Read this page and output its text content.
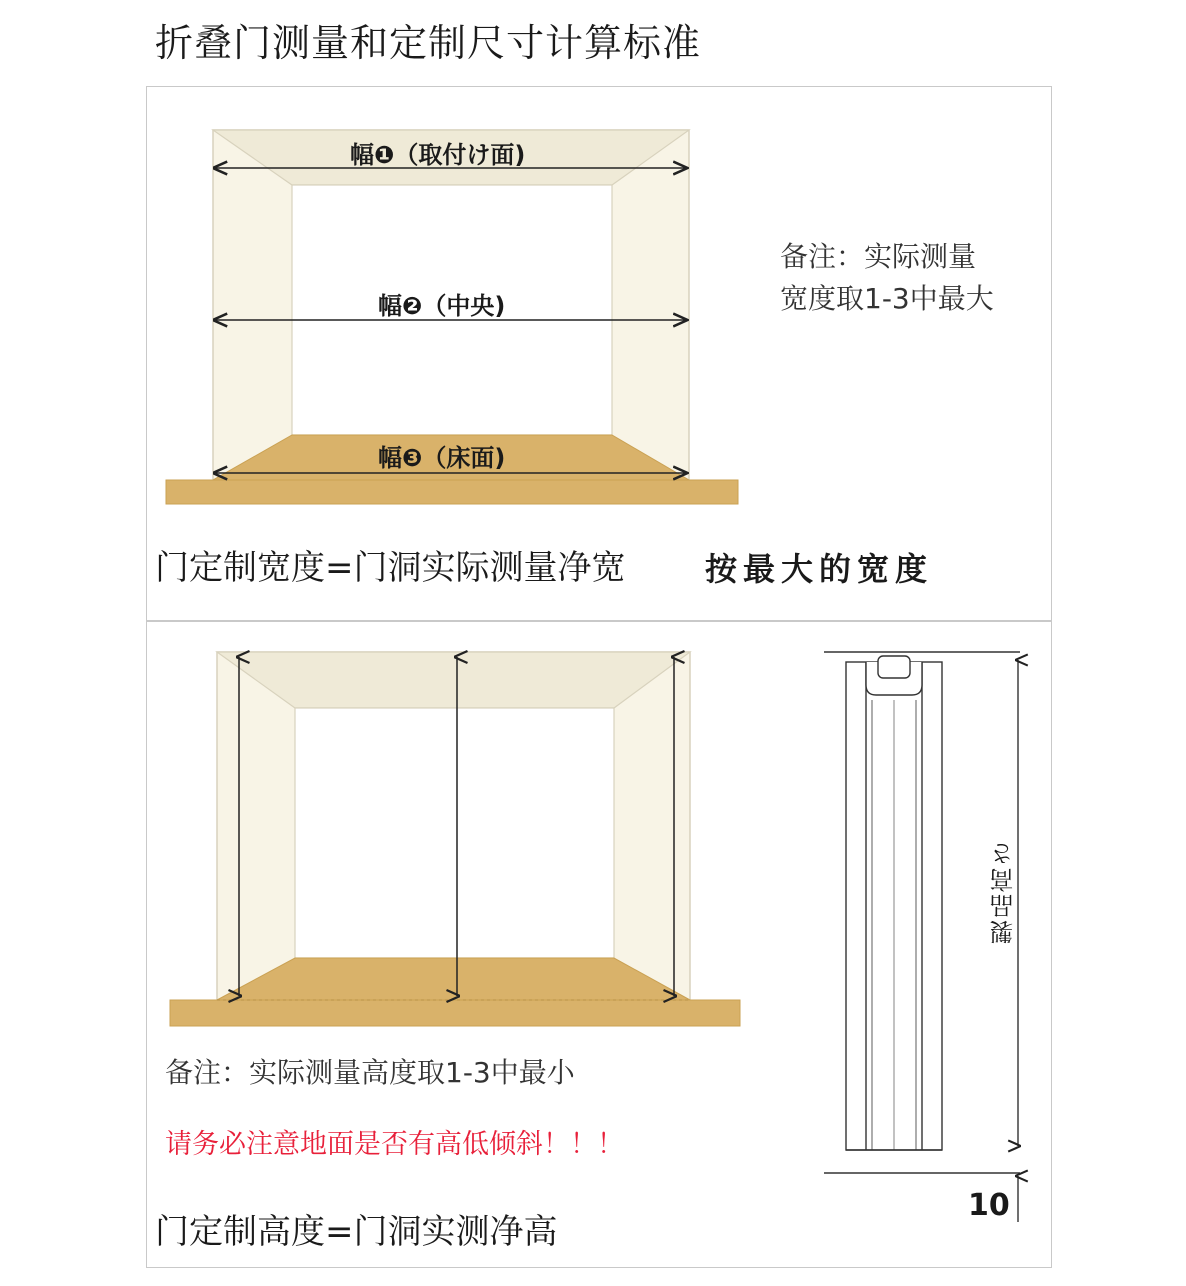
折叠门测量和定制尺寸计算标准
幅❶（取付け面)
幅❷（中央)
幅❸（床面)
备注：实际测量
宽度取1-3中最大
门定制宽度=门洞实际测量净宽 按最大的宽度
製品高さ
10
备注：实际测量高度取1-3中最小
请务必注意地面是否有高低倾斜！！！
门定制高度=门洞实测净高
